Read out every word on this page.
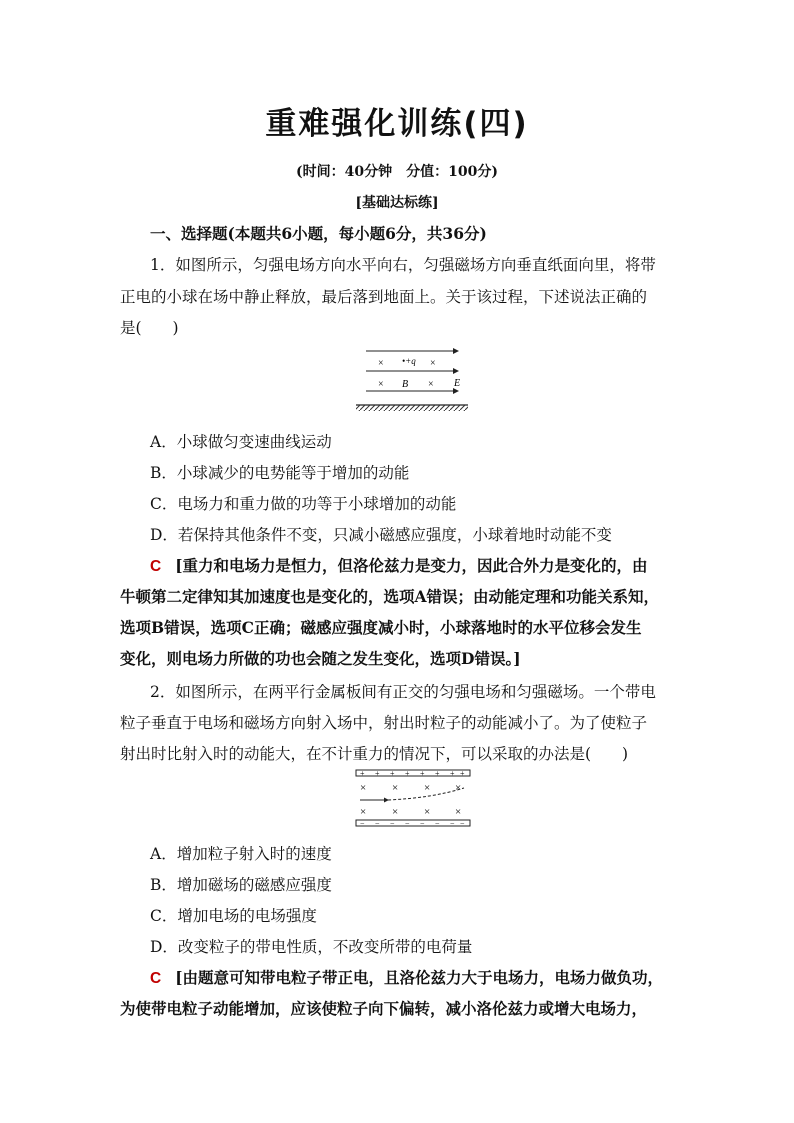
重难强化训练(四)
(时间：40分钟　分值：100分)
[基础达标练]
一、选择题(本题共6小题，每小题6分，共36分)
1．如图所示，匀强电场方向水平向右，匀强磁场方向垂直纸面向里，将带
正电的小球在场中静止释放，最后落到地面上。关于该过程，下述说法正确的
是(　　)
× •+q ×
× B × E
A．小球做匀变速曲线运动
B．小球减少的电势能等于增加的动能
C．电场力和重力做的功等于小球增加的动能
D．若保持其他条件不变，只减小磁感应强度，小球着地时动能不变
C [重力和电场力是恒力，但洛伦兹力是变力，因此合外力是变化的，由
牛顿第二定律知其加速度也是变化的，选项A错误；由动能定理和功能关系知，
选项B错误，选项C正确；磁感应强度减小时，小球落地时的水平位移会发生
变化，则电场力所做的功也会随之发生变化，选项D错误。]
2．如图所示，在两平行金属板间有正交的匀强电场和匀强磁场。一个带电
粒子垂直于电场和磁场方向射入场中，射出时粒子的动能减小了。为了使粒子
射出时比射入时的动能大，在不计重力的情况下，可以采取的办法是(　　)
+ + + + + + + +
× × × ×
× × × ×
− − − − − − − −
A．增加粒子射入时的速度
B．增加磁场的磁感应强度
C．增加电场的电场强度
D．改变粒子的带电性质，不改变所带的电荷量
C [由题意可知带电粒子带正电，且洛伦兹力大于电场力，电场力做负功，
为使带电粒子动能增加，应该使粒子向下偏转，减小洛伦兹力或增大电场力，
